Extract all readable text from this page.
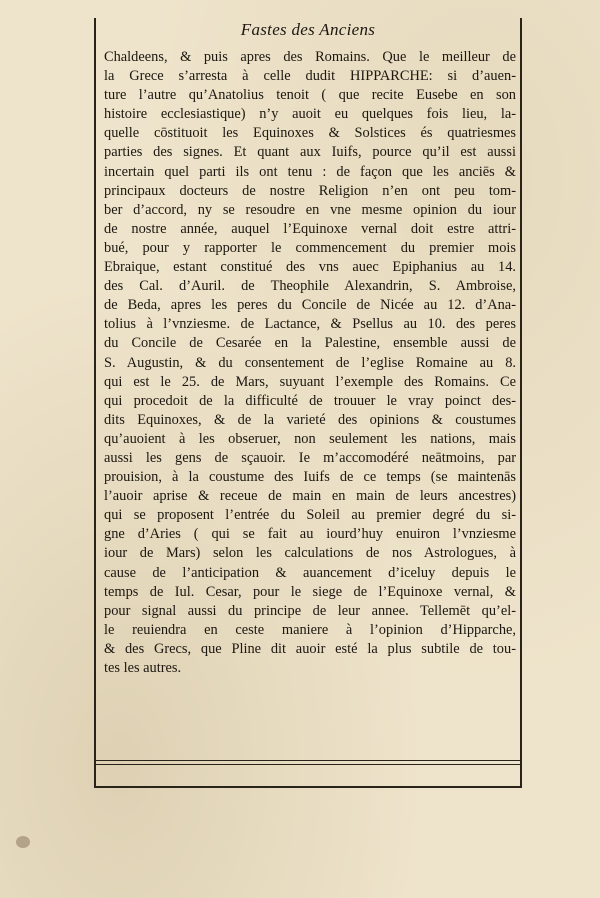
Fastes des Anciens
Chaldeens, & puis apres des Romains. Que le meilleur de
la Grece s’arresta à celle dudit HIPPARCHE: si d’auen-
ture l’autre qu’Anatolius tenoit ( que recite Eusebe en son
histoire ecclesiastique) n’y auoit eu quelques fois lieu, la-
quelle cōstituoit les Equinoxes & Solstices és quatriesmes
parties des signes. Et quant aux Iuifs, pource qu’il est aussi
incertain quel parti ils ont tenu : de façon que les anciēs &
principaux docteurs de nostre Religion n’en ont peu tom-
ber d’accord, ny se resoudre en vne mesme opinion du iour
de nostre année, auquel l’Equinoxe vernal doit estre attri-
bué, pour y rapporter le commencement du premier mois
Ebraique, estant constitué des vns auec Epiphanius au 14.
des Cal. d’Auril. de Theophile Alexandrin, S. Ambroise,
de Beda, apres les peres du Concile de Nicée au 12. d’Ana-
tolius à l’vnziesme. de Lactance, & Psellus au 10. des peres
du Concile de Cesarée en la Palestine, ensemble aussi de
S. Augustin, & du consentement de l’eglise Romaine au 8.
qui est le 25. de Mars, suyuant l’exemple des Romains. Ce
qui procedoit de la difficulté de trouuer le vray poinct des-
dits Equinoxes, & de la varieté des opinions & coustumes
qu’auoient à les obseruer, non seulement les nations, mais
aussi les gens de sçauoir. Ie m’accomodéré neātmoins, par
prouision, à la coustume des Iuifs de ce temps (se maintenās
l’auoir aprise & receue de main en main de leurs ancestres)
qui se proposent l’entrée du Soleil au premier degré du si-
gne d’Aries ( qui se fait au iourd’huy enuiron l’vnziesme
iour de Mars) selon les calculations de nos Astrologues, à
cause de l’anticipation & auancement d’iceluy depuis le
temps de Iul. Cesar, pour le siege de l’Equinoxe vernal, &
pour signal aussi du principe de leur annee. Tellemēt qu’el-
le reuiendra en ceste maniere à l’opinion d’Hipparche,
& des Grecs, que Pline dit auoir esté la plus subtile de tou-
tes les autres.
